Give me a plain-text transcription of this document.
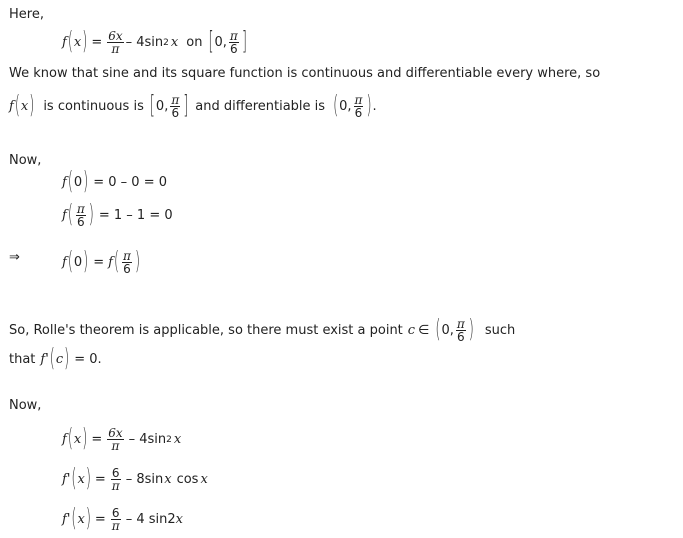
Here,
f ( x ) = $\frac{6x}{\pi} - 4\sin$ 2 x on [ 0, $\frac{\pi}{6}$ ]
We know that sine and its square function is continuous and differentiable every where, so
f ( x ) is continuous is [ 0, $\frac{\pi}{6}$ ] and differentiable is ( 0, $\frac{\pi}{6}$ ) .
Now,
f ( 0 ) = 0 – 0 = 0
f ( $\frac{\pi}{6}$ ) = 1 – 1 = 0
⇒	f ( 0 ) = f ( $\frac{\pi}{6}$ )
So, Rolle's theorem is applicable, so there must exist a point c ∈ ( 0, $\frac{\pi}{6}$ ) such
that f ' ( c ) = 0.
Now,
f ( x ) = $\frac{6x}{\pi} - 4\sin$ 2 x
f ' ( x ) = $\frac{6}{\pi} - 8\sin$ x cos x
f ' ( x ) = $\frac{6}{\pi} - 4$ sin2 x
